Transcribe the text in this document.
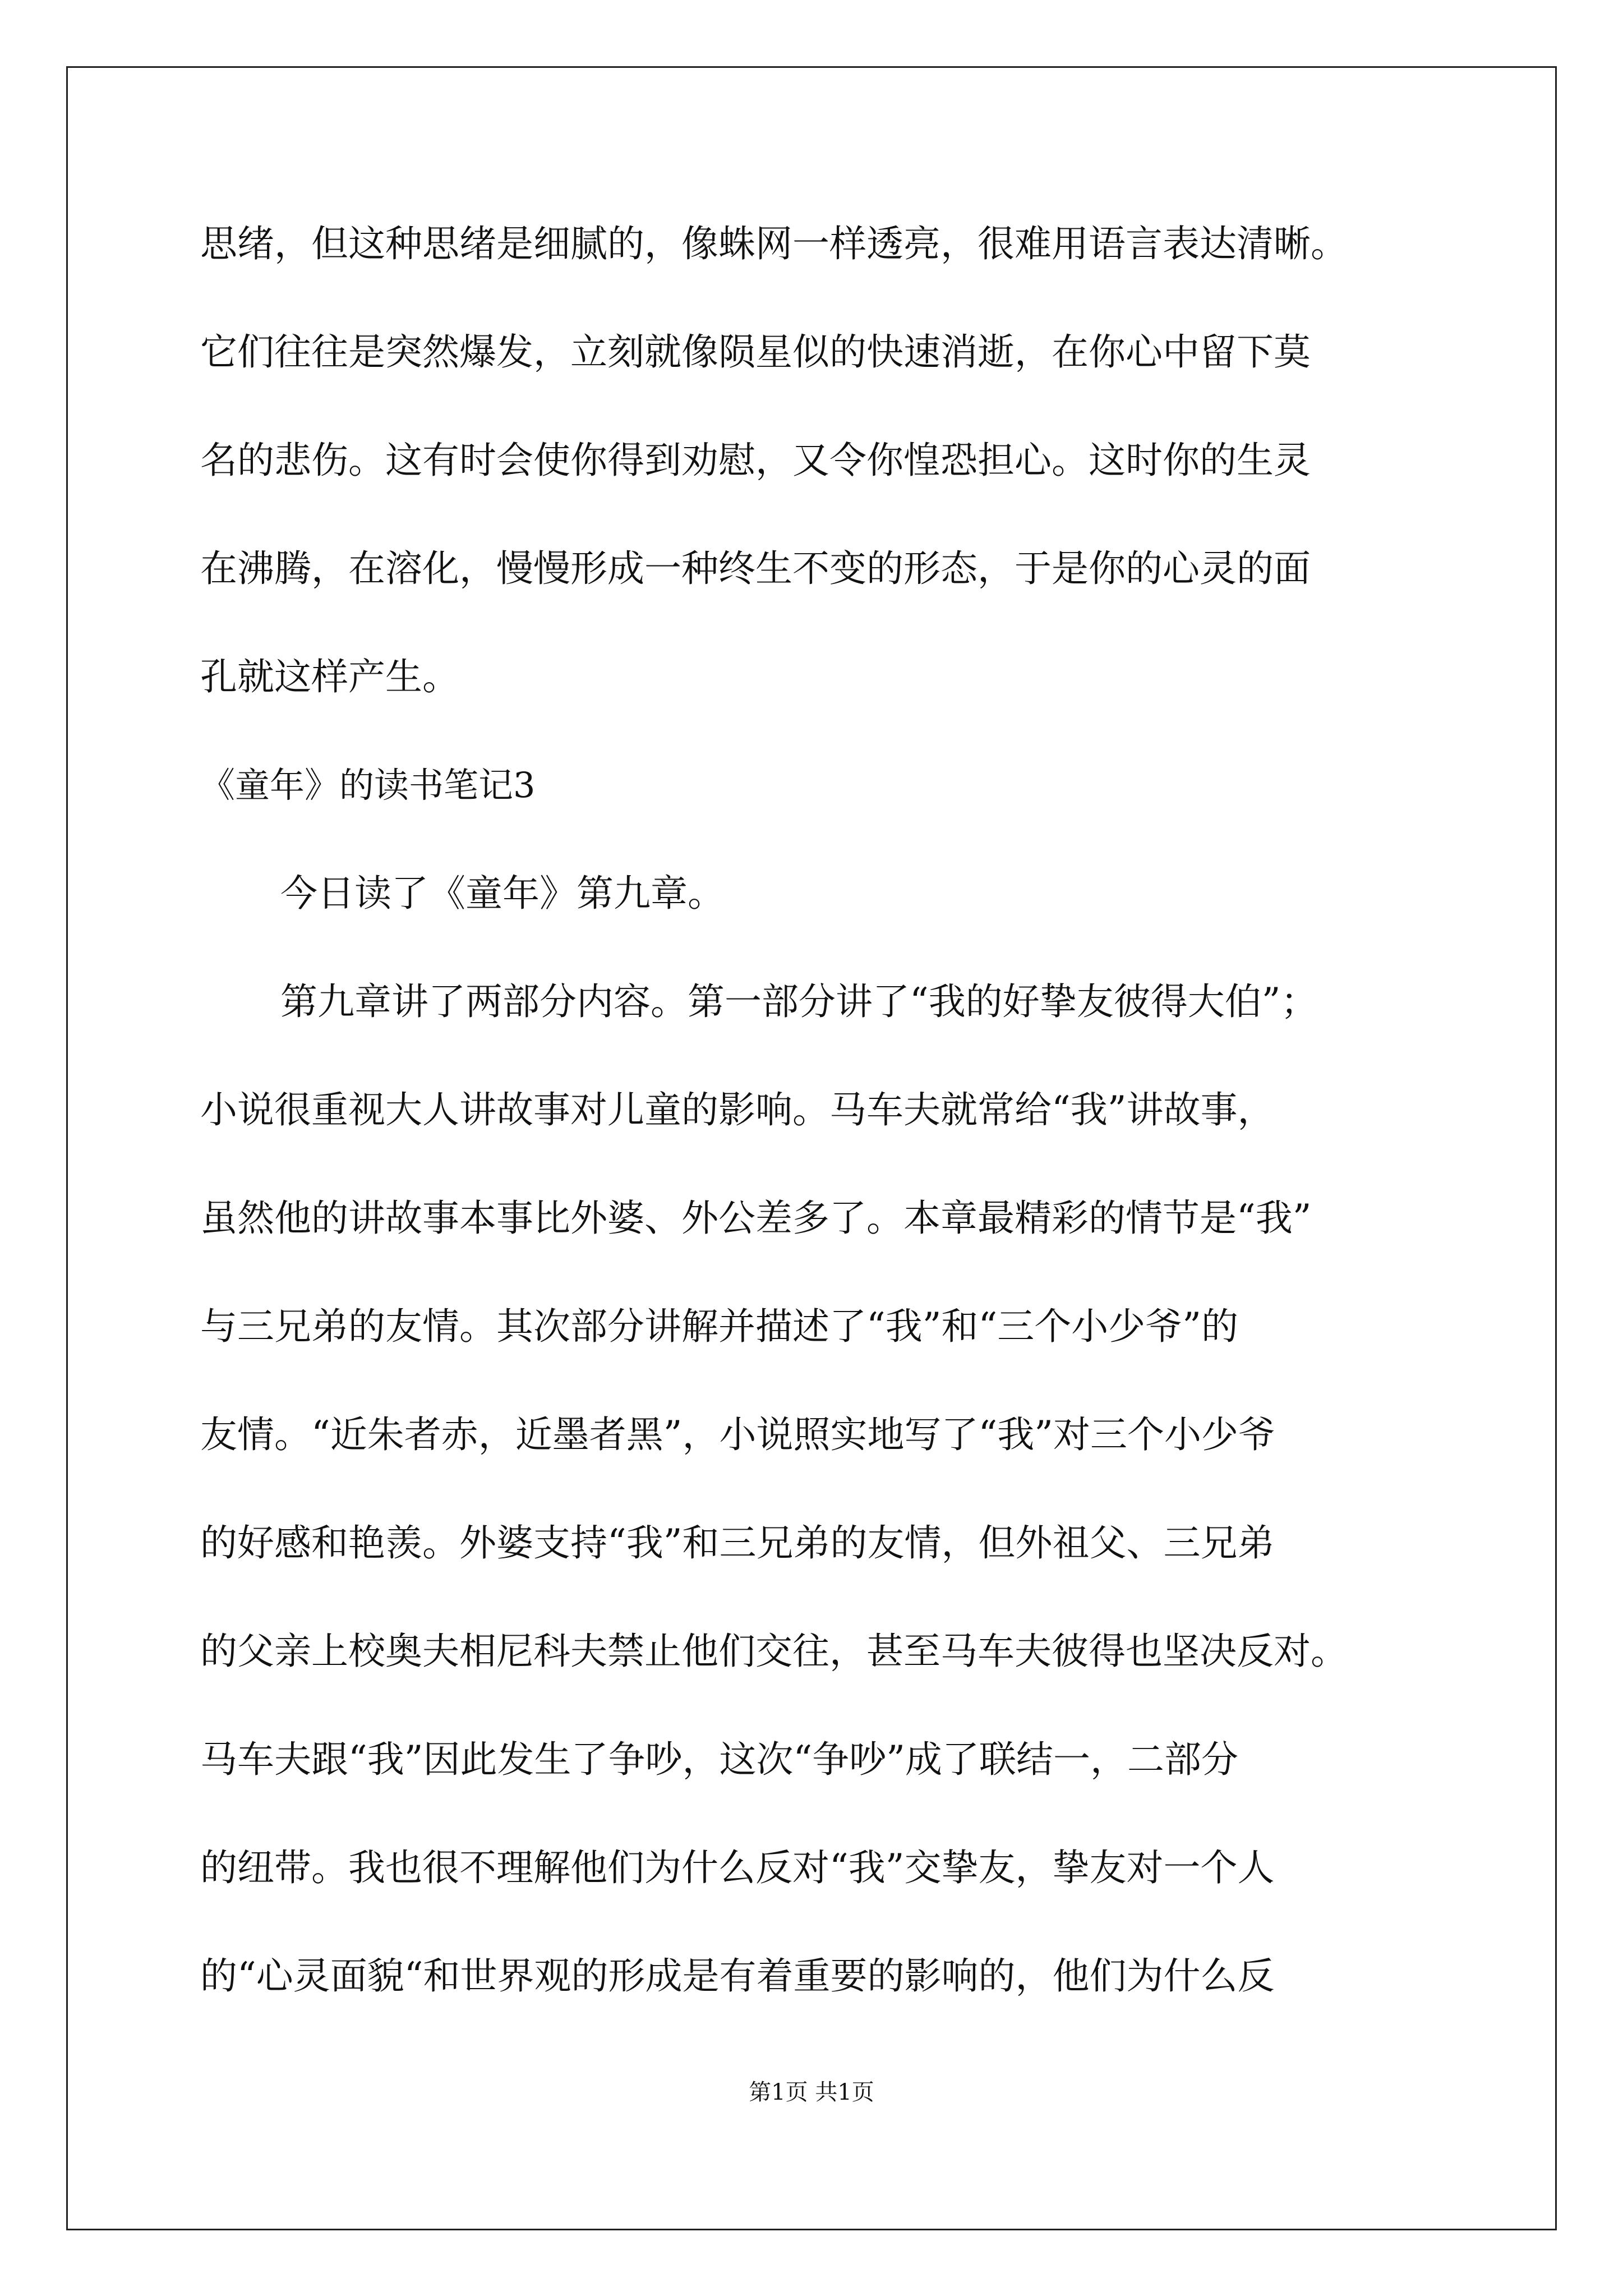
思绪，但这种思绪是细腻的，像蛛网一样透亮，很难用语言表达清晰。
它们往往是突然爆发，立刻就像陨星似的快速消逝，在你心中留下莫
名的悲伤。这有时会使你得到劝慰，又令你惶恐担心。这时你的生灵
在沸腾，在溶化，慢慢形成一种终生不变的形态，于是你的心灵的面
孔就这样产生。
《童年》的读书笔记3
今日读了《童年》第九章。
第九章讲了两部分内容。第一部分讲了“我的好挚友彼得大伯”；
小说很重视大人讲故事对儿童的影响。马车夫就常给“我”讲故事，
虽然他的讲故事本事比外婆、外公差多了。本章最精彩的情节是“我”
与三兄弟的友情。其次部分讲解并描述了“我”和“三个小少爷”的
友情。“近朱者赤，近墨者黑”，小说照实地写了“我”对三个小少爷
的好感和艳羡。外婆支持“我”和三兄弟的友情，但外祖父、三兄弟
的父亲上校奥夫相尼科夫禁止他们交往，甚至马车夫彼得也坚决反对。
马车夫跟“我”因此发生了争吵，这次“争吵”成了联结一，二部分
的纽带。我也很不理解他们为什么反对“我”交挚友，挚友对一个人
的“心灵面貌“和世界观的形成是有着重要的影响的，他们为什么反
第1页 共1页
